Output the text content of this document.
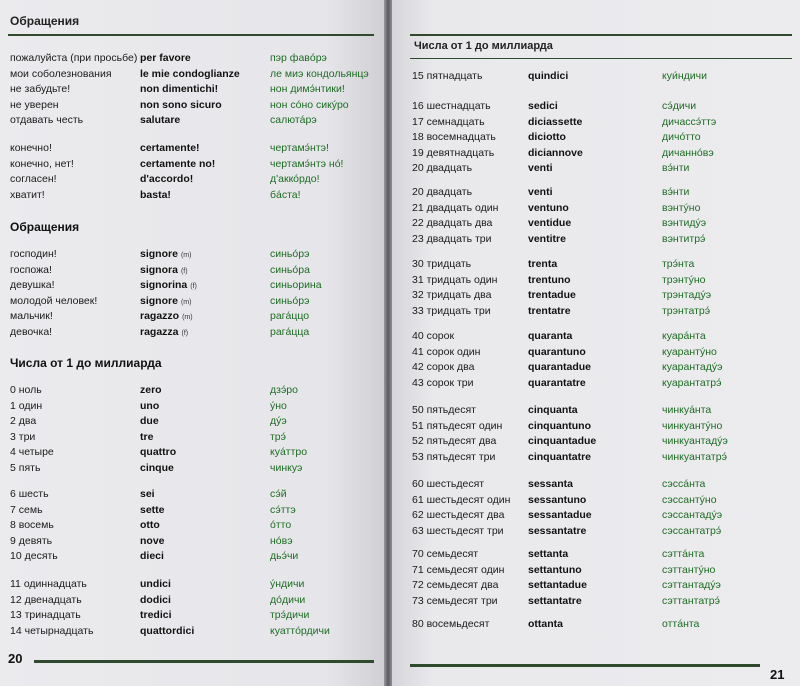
Обращения
пожалуйста (при просьбе) per favore	пэр фавóрэ
мои соболезнования	le mie condoglianze	ле миэ кондольянцэ
не забудьте!	non dimentichi!	нон димэ́нтики!
не уверен	non sono sicuro	нон сóно сикýро
отдавать честь	salutare	салютáрэ
конечно!	certamente!	чертамэ́нтэ!
конечно, нет!	certamente no!	чертамэ́нтэ нó!
согласен!	d'accordo!	д'аккóрдо!
хватит!	basta!	бáста!
Обращения
господин!	signore (m)	синьóрэ
госпожа!	signora (f)	синьóра
девушка!	signorina (f)	синьорина
молодой человек!	signore (m)	синьóрэ
мальчик!	ragazzo (m)	рагáццо
девочка!	ragazza (f)	рагáцца
Числа от 1 до миллиарда
0 ноль	zero	дзэ́ро
1 один	uno	ýно
2 два	due	дýэ
3 три	tre	трэ́
4 четыре	quattro	куáттро
5 пять	cinque	чинкуэ
6 шесть	sei	сэ́й
7 семь	sette	сэ́ттэ
8 восемь	otto	óтто
9 девять	nove	нóвэ
10 десять	dieci	дьэ́чи
11 одиннадцать	undici	ýндичи
12 двенадцать	dodici	дóдичи
13 тринадцать	tredici	трэ́дичи
14 четырнадцать	quattordici	куаттóрдичи
20
Числа от 1 до миллиарда
15 пятнадцать	quindici	куи́ндичи
16 шестнадцать	sedici	сэ́дичи
17 семнадцать	diciassette	дичассэ́ттэ
18 восемнадцать	diciotto	дичóтто
19 девятнадцать	diciannove	дичаннóвэ
20 двадцать	venti	вэ́нти
20 двадцать	venti	вэ́нти
21 двадцать один	ventuno	вэнтýно
22 двадцать два	ventidue	вэнтидýэ
23 двадцать три	ventitre	вэнтитрэ́
30 тридцать	trenta	трэ́нта
31 тридцать один	trentuno	трэнтýно
32 тридцать два	trentadue	трэнтадýэ
33 тридцать три	trentatre	трэнтатрэ́
40 сорок	quaranta	куарáнта
41 сорок один	quarantuno	куарантýно
42 сорок два	quarantadue	куарантадýэ
43 сорок три	quarantatre	куарантатрэ́
50 пятьдесят	cinquanta	чинкуáнта
51 пятьдесят один cinquantuno	чинкуантýно
52 пятьдесят два	cinquantadue	чинкуантадýэ
53 пятьдесят три	cinquantatre	чинкуантатрэ́
60 шестьдесят	sessanta	сэссáнта
61 шестьдесят один sessantuno	сэссантýно
62 шестьдесят два sessantadue	сэссантадýэ
63 шестьдесят три sessantatre	сэссантатрэ́
70 семьдесят	settanta	сэттáнта
71 семьдесят один settantuno	сэттантýно
72 семьдесят два	settantadue	сэттантадýэ
73 семьдесят три	settantatre	сэттантатрэ́
80 восемьдесят	ottanta	оттáнта
21
